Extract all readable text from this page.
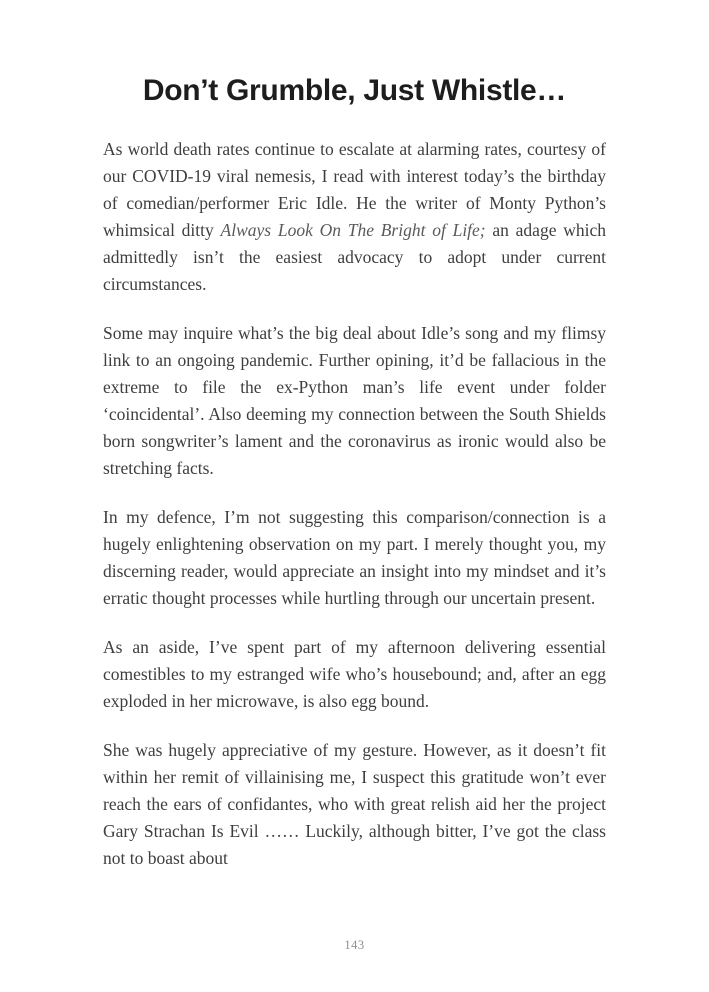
Don’t Grumble, Just Whistle…

As world death rates continue to escalate at alarming rates, courtesy of our COVID-19 viral nemesis, I read with interest today’s the birthday of comedian/performer Eric Idle. He the writer of Monty Python’s whimsical ditty Always Look On The Bright of Life; an adage which admittedly isn’t the easiest advocacy to adopt under current circumstances.

Some may inquire what’s the big deal about Idle’s song and my flimsy link to an ongoing pandemic. Further opining, it’d be fallacious in the extreme to file the ex-Python man’s life event under folder ‘coincidental’. Also deeming my connection between the South Shields born songwriter’s lament and the coronavirus as ironic would also be stretching facts.

In my defence, I’m not suggesting this comparison/connection is a hugely enlightening observation on my part. I merely thought you, my discerning reader, would appreciate an insight into my mindset and it’s erratic thought processes while hurtling through our uncertain present.

As an aside, I’ve spent part of my afternoon delivering essential comestibles to my estranged wife who’s housebound; and, after an egg exploded in her microwave, is also egg bound.

She was hugely appreciative of my gesture. However, as it doesn’t fit within her remit of villainising me, I suspect this gratitude won’t ever reach the ears of confidantes, who with great relish aid her the project Gary Strachan Is Evil …… Luckily, although bitter, I’ve got the class not to boast about

143
